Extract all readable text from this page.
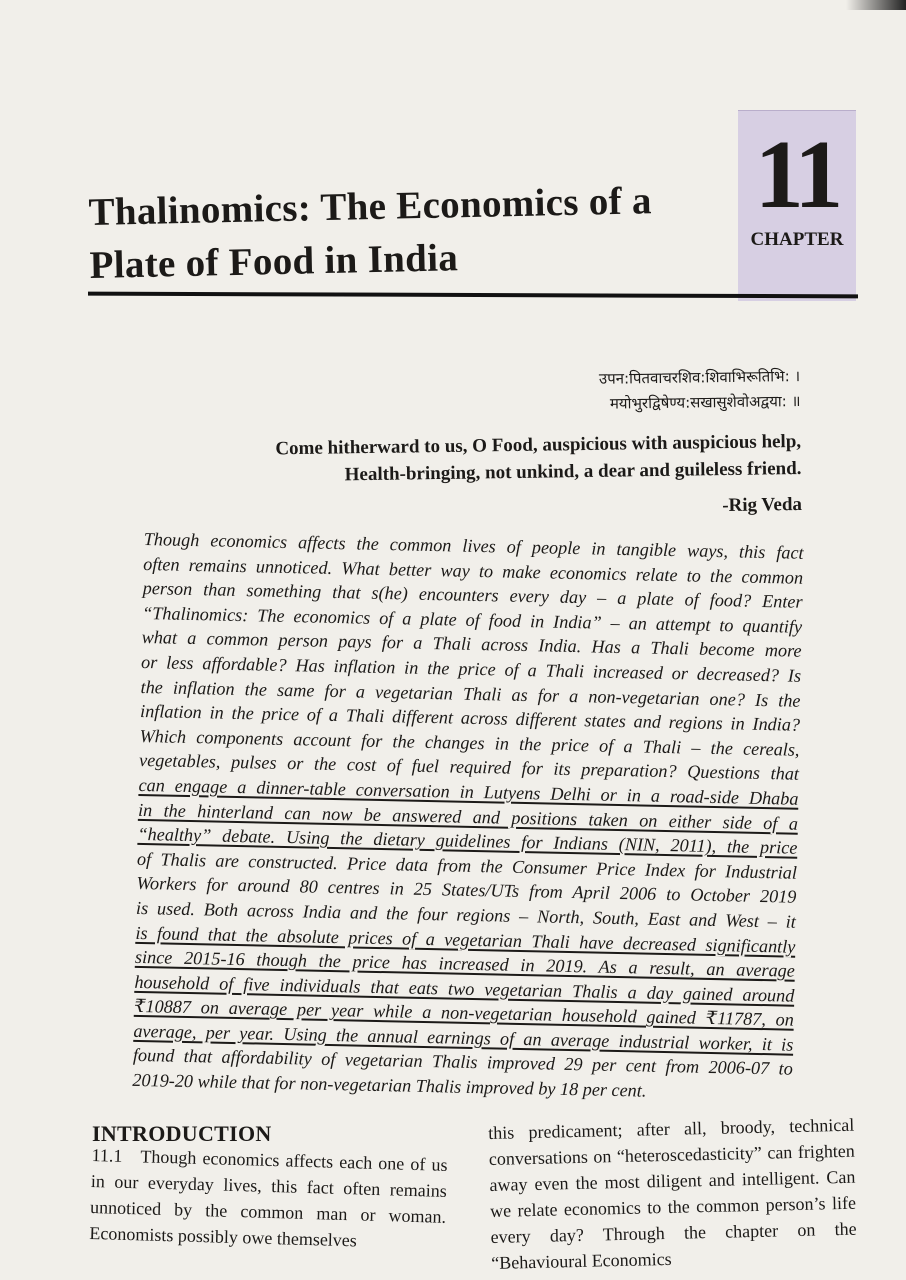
Thalinomics: The Economics of a
Plate of Food in India
11
CHAPTER
उपन:पितवाचरशिव:शिवाभिरूतिभि: ।
मयोभुरद्विषेण्य:सखासुशेवोअद्वया: ॥
Come hitherward to us, O Food, auspicious with auspicious help,
Health-bringing, not unkind, a dear and guileless friend.
-Rig Veda
Though economics affects the common lives of people in tangible ways, this fact
often remains unnoticed. What better way to make economics relate to the common
person than something that s(he) encounters every day – a plate of food? Enter
“Thalinomics: The economics of a plate of food in India” – an attempt to quantify
what a common person pays for a Thali across India. Has a Thali become more
or less affordable? Has inflation in the price of a Thali increased or decreased? Is
the inflation the same for a vegetarian Thali as for a non-vegetarian one? Is the
inflation in the price of a Thali different across different states and regions in India?
Which components account for the changes in the price of a Thali – the cereals,
vegetables, pulses or the cost of fuel required for its preparation? Questions that
can engage a dinner-table conversation in Lutyens Delhi or in a road-side Dhaba
in the hinterland can now be answered and positions taken on either side of a
“healthy” debate. Using the dietary guidelines for Indians (NIN, 2011), the price
of Thalis are constructed. Price data from the Consumer Price Index for Industrial
Workers for around 80 centres in 25 States/UTs from April 2006 to October 2019
is used. Both across India and the four regions – North, South, East and West – it
is found that the absolute prices of a vegetarian Thali have decreased significantly
since 2015-16 though the price has increased in 2019. As a result, an average
household of five individuals that eats two vegetarian Thalis a day gained around
₹10887 on average per year while a non-vegetarian household gained ₹11787, on
average, per year. Using the annual earnings of an average industrial worker, it is
found that affordability of vegetarian Thalis improved 29 per cent from 2006-07 to
2019-20 while that for non-vegetarian Thalis improved by 18 per cent.
INTRODUCTION
11.1 Though economics affects each one of us in our everyday lives, this fact often remains unnoticed by the common man or woman. Economists possibly owe themselves
this predicament; after all, broody, technical conversations on “heteroscedasticity” can frighten away even the most diligent and intelligent. Can we relate economics to the common person’s life every day? Through the chapter on the “Behavioural Economics
